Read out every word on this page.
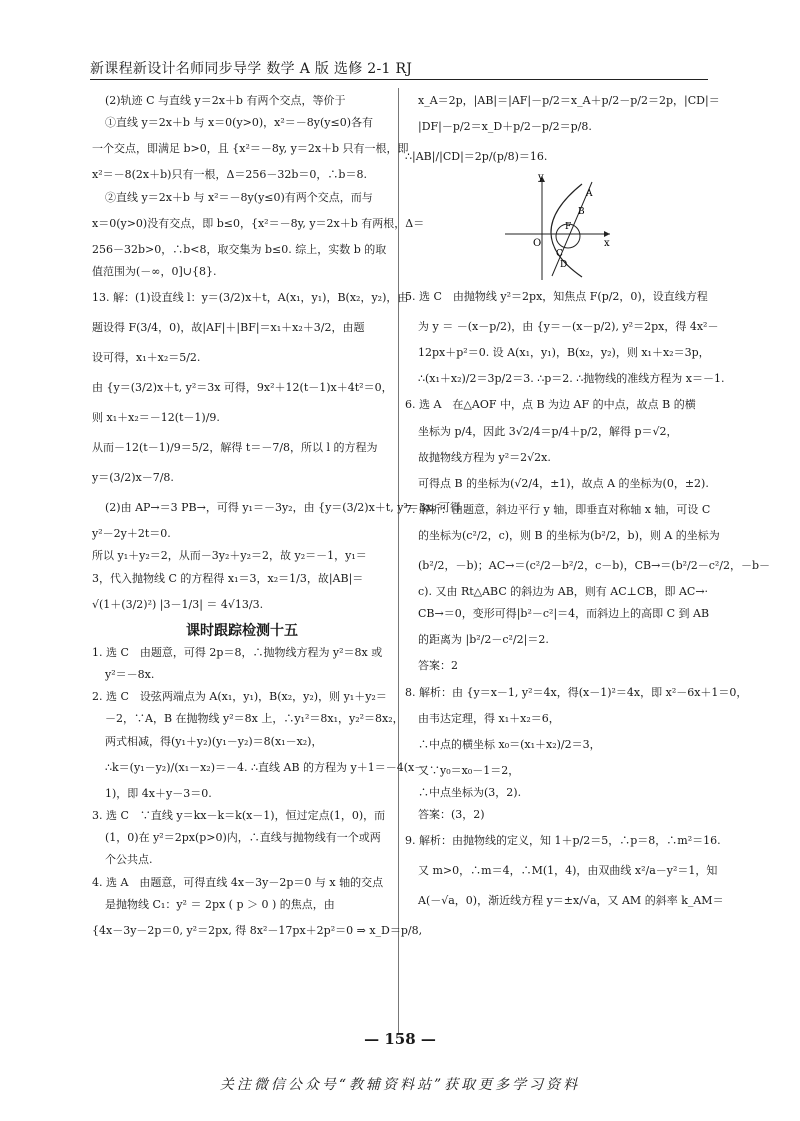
新课程新设计名师同步导学 数学 A 版 选修 2-1 RJ
(2)轨迹 C 与直线 y＝2x＋b 有两个交点，等价于
①直线 y＝2x＋b 与 x＝0(y>0)，x²＝－8y(y≤0)各有
一个交点，即满足 b>0，且 {x²＝－8y, y＝2x＋b 只有一根，即
x²＝－8(2x＋b)只有一根，Δ＝256－32b＝0，∴b＝8.
②直线 y＝2x＋b 与 x²＝－8y(y≤0)有两个交点，而与
x＝0(y>0)没有交点，即 b≤0，{x²＝－8y, y＝2x＋b 有两根，Δ＝
256－32b>0，∴b<8，取交集为 b≤0. 综上，实数 b 的取
值范围为(－∞，0]∪{8}.
13. 解：(1)设直线 l：y＝(3/2)x＋t，A(x₁，y₁)，B(x₂，y₂)，由
题设得 F(3/4，0)，故|AF|＋|BF|＝x₁＋x₂＋3/2，由题
设可得，x₁＋x₂＝5/2.
由 {y＝(3/2)x＋t, y²＝3x 可得，9x²＋12(t－1)x＋4t²＝0，
则 x₁＋x₂＝－12(t－1)/9.
从而－12(t－1)/9＝5/2，解得 t＝－7/8，所以 l 的方程为
y＝(3/2)x－7/8.
(2)由 AP→＝3 PB→，可得 y₁＝－3y₂，由 {y＝(3/2)x＋t, y²＝3x. 可得
y²－2y＋2t＝0.
所以 y₁＋y₂＝2，从而－3y₂＋y₂＝2，故 y₂＝－1，y₁＝
3，代入抛物线 C 的方程得 x₁＝3，x₂＝1/3，故|AB|＝
√(1＋(3/2)²) |3－1/3| ＝ 4√13/3.
课时跟踪检测十五
1. 选 C　由题意，可得 2p＝8，∴抛物线方程为 y²＝8x 或
y²＝－8x.
2. 选 C　设弦两端点为 A(x₁，y₁)，B(x₂，y₂)，则 y₁＋y₂＝
－2，∵A，B 在抛物线 y²＝8x 上，∴y₁²＝8x₁，y₂²＝8x₂，
两式相减，得(y₁＋y₂)(y₁－y₂)＝8(x₁－x₂)，
∴k＝(y₁－y₂)/(x₁－x₂)＝－4. ∴直线 AB 的方程为 y＋1＝－4(x－
1)，即 4x＋y－3＝0.
3. 选 C　∵直线 y＝kx－k＝k(x－1)，恒过定点(1，0)，而
(1，0)在 y²＝2px(p>0)内，∴直线与抛物线有一个或两
个公共点.
4. 选 A　由题意，可得直线 4x－3y－2p＝0 与 x 轴的交点
是抛物线 C₁：y² ＝ 2px ( p ＞ 0 ) 的焦点，由
{4x－3y－2p＝0, y²＝2px, 得 8x²－17px＋2p²＝0 ⇒ x_D＝p/8,
x_A＝2p，|AB|＝|AF|－p/2＝x_A＋p/2－p/2＝2p，|CD|＝
|DF|－p/2＝x_D＋p/2－p/2＝p/8.
∴|AB|/|CD|＝2p/(p/8)＝16.
y
x
O
F
A
B
C
D
5. 选 C　由抛物线 y²＝2px，知焦点 F(p/2，0)，设直线方程
为 y ＝ －(x－p/2)，由 {y＝－(x－p/2), y²＝2px，得 4x²－
12px＋p²＝0. 设 A(x₁，y₁)，B(x₂，y₂)，则 x₁＋x₂＝3p，
∴(x₁＋x₂)/2＝3p/2＝3. ∴p＝2. ∴抛物线的准线方程为 x＝－1.
6. 选 A　在△AOF 中，点 B 为边 AF 的中点，故点 B 的横
坐标为 p/4，因此 3√2/4＝p/4＋p/2，解得 p＝√2，
故抛物线方程为 y²＝2√2x.
可得点 B 的坐标为(√2/4，±1)，故点 A 的坐标为(0，±2).
7. 解析：由题意，斜边平行 y 轴，即垂直对称轴 x 轴，可设 C
的坐标为(c²/2，c)，则 B 的坐标为(b²/2，b)，则 A 的坐标为
(b²/2，－b)；AC→＝(c²/2－b²/2，c－b)，CB→＝(b²/2－c²/2，－b－
c). 又由 Rt△ABC 的斜边为 AB，则有 AC⊥CB，即 AC→·
CB→＝0，变形可得|b²－c²|＝4，而斜边上的高即 C 到 AB
的距离为 |b²/2－c²/2|＝2.
答案：2
8. 解析：由 {y＝x－1, y²＝4x，得(x－1)²＝4x，即 x²－6x＋1＝0，
由韦达定理，得 x₁＋x₂＝6，
∴中点的横坐标 x₀＝(x₁＋x₂)/2＝3，
又∵y₀＝x₀－1＝2，
∴中点坐标为(3，2).
答案：(3，2)
9. 解析：由抛物线的定义，知 1＋p/2＝5，∴p＝8，∴m²＝16.
又 m>0，∴m＝4，∴M(1，4)，由双曲线 x²/a－y²＝1，知
A(－√a，0)，渐近线方程 y＝±x/√a，又 AM 的斜率 k_AM＝
— 158 —
关注微信公众号“教辅资料站”获取更多学习资料
